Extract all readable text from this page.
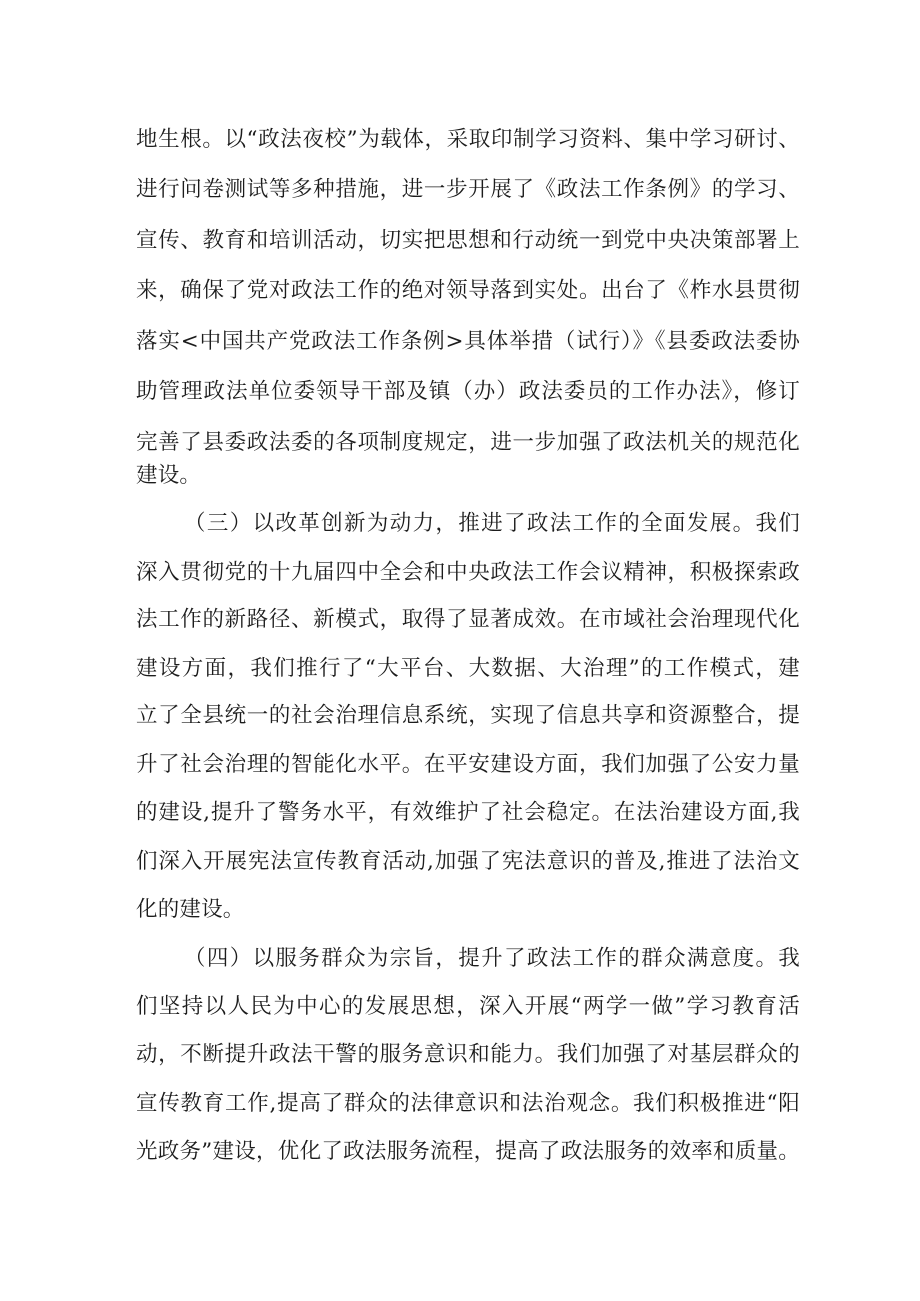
地生根。以“政法夜校”为载体，采取印制学习资料、集中学习研讨、
进行问卷测试等多种措施，进一步开展了《政法工作条例》的学习、
宣传、教育和培训活动，切实把思想和行动统一到党中央决策部署上
来，确保了党对政法工作的绝对领导落到实处。出台了《柞水县贯彻
落实<中国共产党政法工作条例>具体举措（试行）》《县委政法委协
助管理政法单位委领导干部及镇（办）政法委员的工作办法》，修订
完善了县委政法委的各项制度规定，进一步加强了政法机关的规范化
建设。
（三）以改革创新为动力，推进了政法工作的全面发展。我们
深入贯彻党的十九届四中全会和中央政法工作会议精神，积极探索政
法工作的新路径、新模式，取得了显著成效。在市域社会治理现代化
建设方面，我们推行了“大平台、大数据、大治理”的工作模式，建
立了全县统一的社会治理信息系统，实现了信息共享和资源整合，提
升了社会治理的智能化水平。在平安建设方面，我们加强了公安力量
的建设,提升了警务水平，有效维护了社会稳定。在法治建设方面,我
们深入开展宪法宣传教育活动,加强了宪法意识的普及,推进了法治文
化的建设。
（四）以服务群众为宗旨，提升了政法工作的群众满意度。我
们坚持以人民为中心的发展思想，深入开展“两学一做”学习教育活
动，不断提升政法干警的服务意识和能力。我们加强了对基层群众的
宣传教育工作,提高了群众的法律意识和法治观念。我们积极推进“阳
光政务”建设，优化了政法服务流程，提高了政法服务的效率和质量。
